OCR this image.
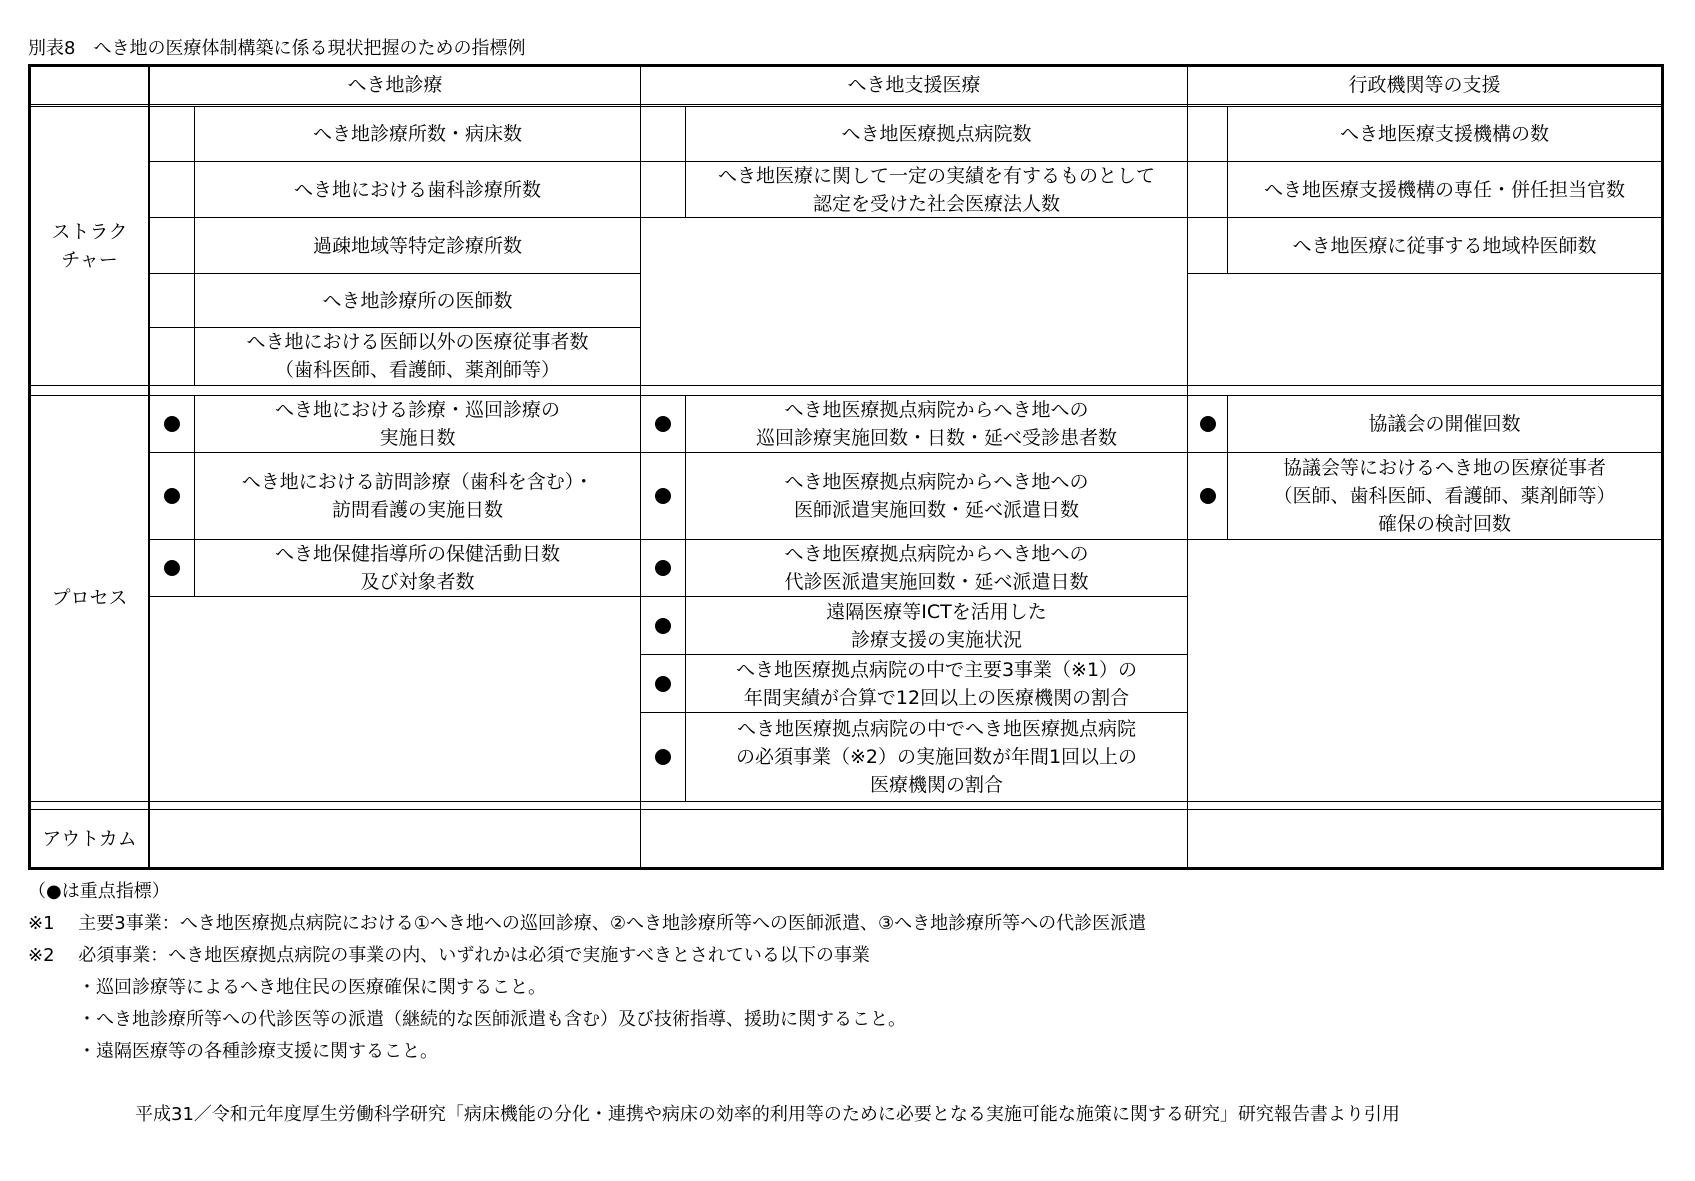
別表8　へき地の医療体制構築に係る現状把握のための指標例
へき地診療	へき地支援医療	行政機関等の支援
ストラク
チャー
プロセス
アウトカム
へき地診療所数・病床数
へき地における歯科診療所数
過疎地域等特定診療所数
へき地診療所の医師数
へき地における医師以外の医療従事者数
（歯科医師、看護師、薬剤師等）
へき地医療拠点病院数
へき地医療に関して一定の実績を有するものとして
認定を受けた社会医療法人数
へき地医療支援機構の数
へき地医療支援機構の専任・併任担当官数
へき地医療に従事する地域枠医師数
へき地における診療・巡回診療の
実施日数
へき地における訪問診療（歯科を含む）・
訪問看護の実施日数
へき地保健指導所の保健活動日数
及び対象者数
へき地医療拠点病院からへき地への
巡回診療実施回数・日数・延べ受診患者数
へき地医療拠点病院からへき地への
医師派遣実施回数・延べ派遣日数
へき地医療拠点病院からへき地への
代診医派遣実施回数・延べ派遣日数
遠隔医療等ICTを活用した
診療支援の実施状況
へき地医療拠点病院の中で主要3事業（※1）の
年間実績が合算で12回以上の医療機関の割合
へき地医療拠点病院の中でへき地医療拠点病院
の必須事業（※2）の実施回数が年間1回以上の
医療機関の割合
協議会の開催回数
協議会等におけるへき地の医療従事者
（医師、歯科医師、看護師、薬剤師等）
確保の検討回数
（●は重点指標）
※1　 主要3事業：へき地医療拠点病院における①へき地への巡回診療、②へき地診療所等への医師派遣、③へき地診療所等への代診医派遣
※2　 必須事業：へき地医療拠点病院の事業の内、いずれかは必須で実施すべきとされている以下の事業
・巡回診療等によるへき地住民の医療確保に関すること。
・へき地診療所等への代診医等の派遣（継続的な医師派遣も含む）及び技術指導、援助に関すること。
・遠隔医療等の各種診療支援に関すること。
平成31／令和元年度厚生労働科学研究「病床機能の分化・連携や病床の効率的利用等のために必要となる実施可能な施策に関する研究」研究報告書より引用
